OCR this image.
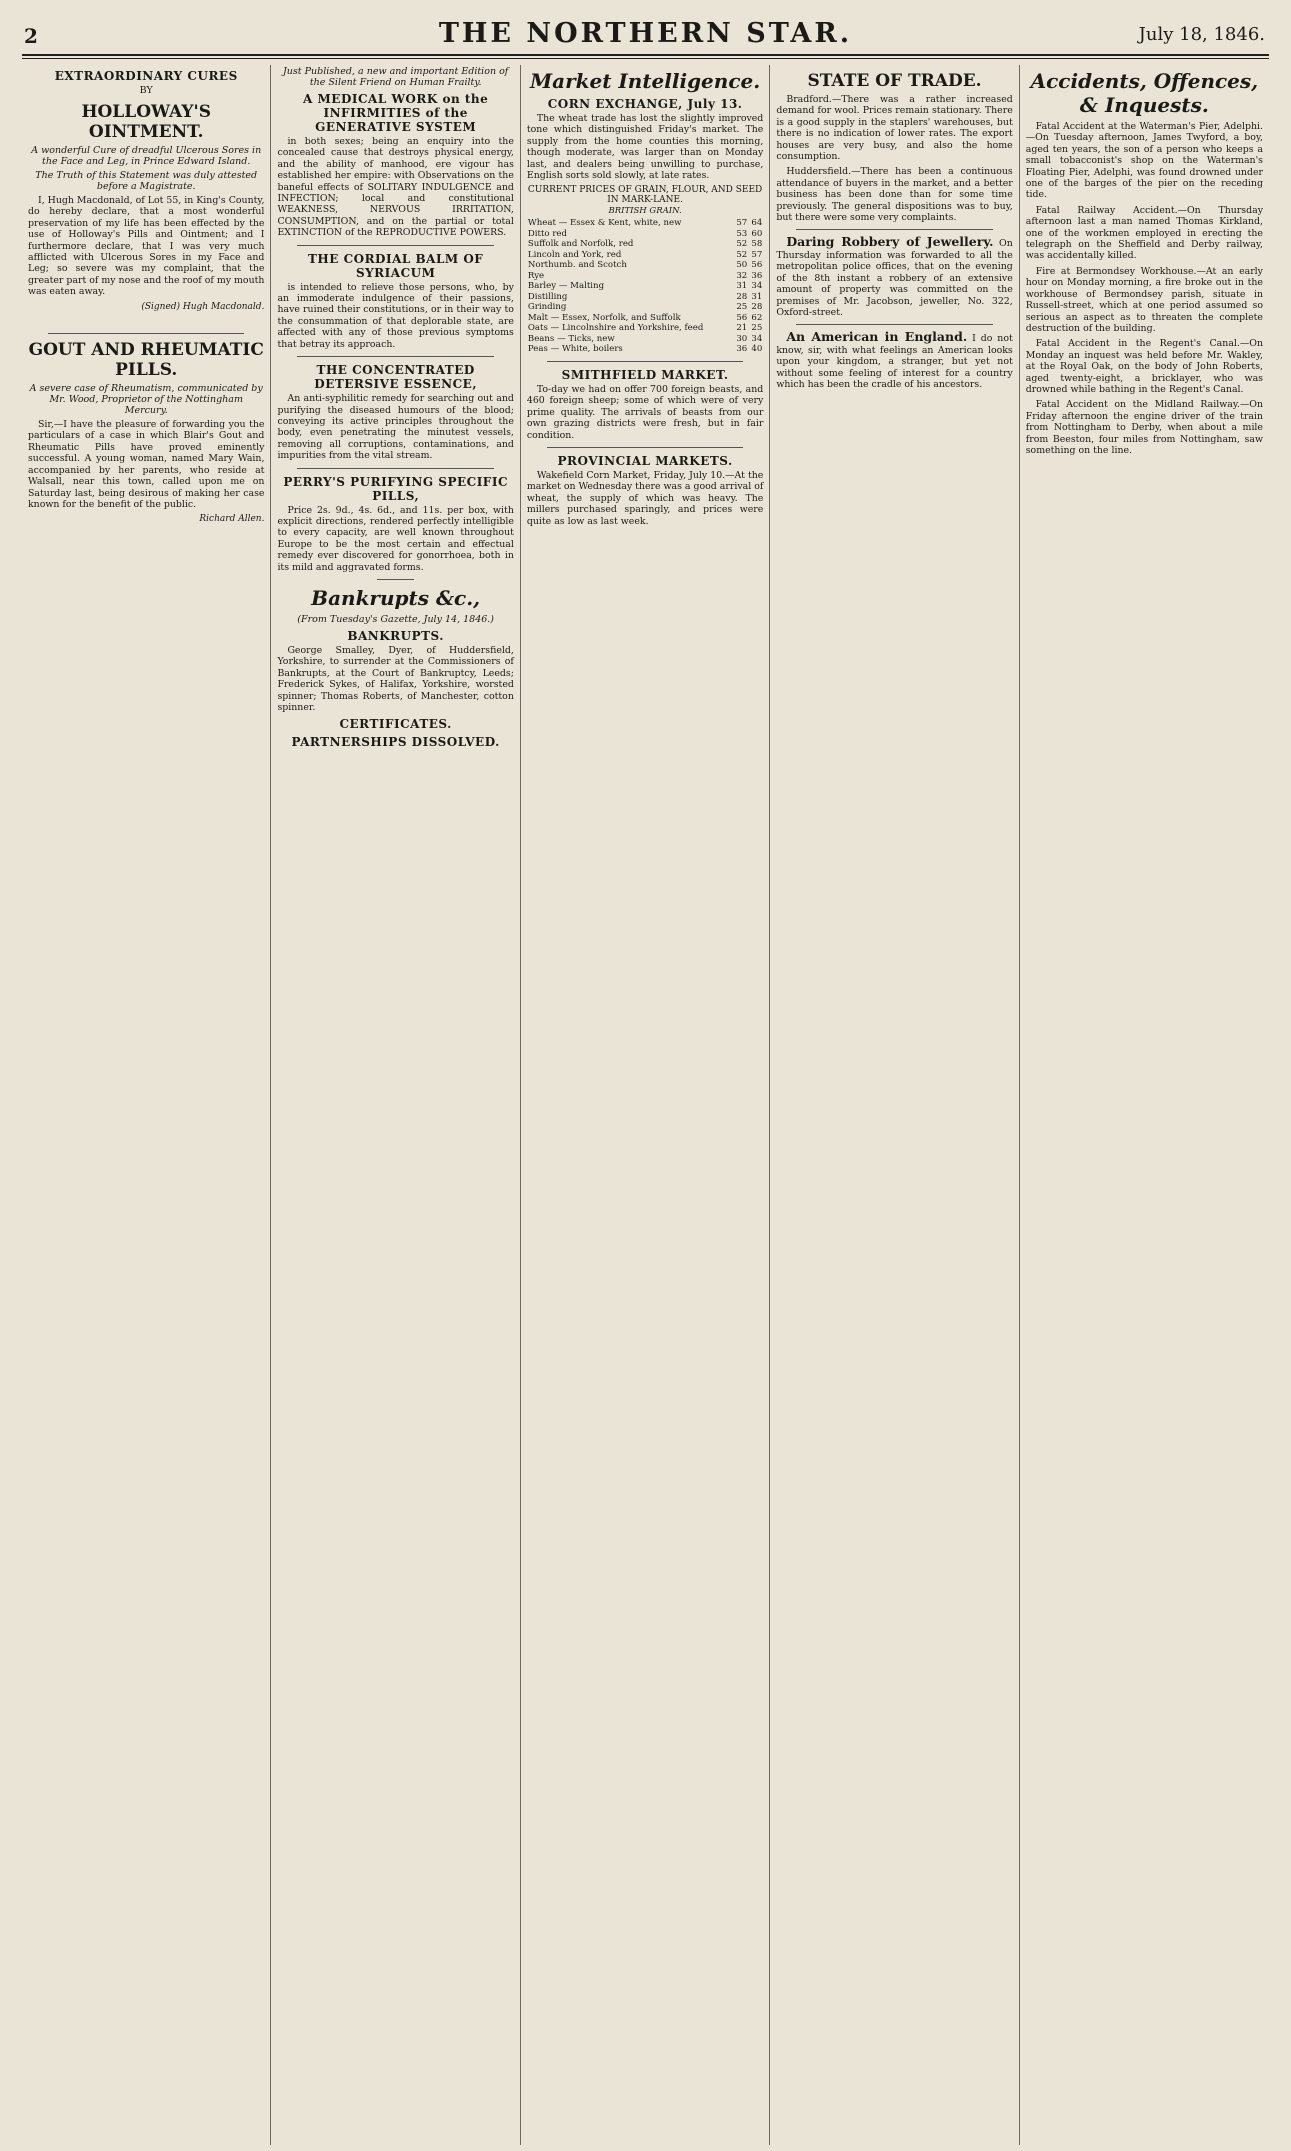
2	THE NORTHERN STAR.	July 18, 1846.
EXTRAORDINARY CURES
BY
HOLLOWAY'S OINTMENT.
A wonderful Cure of dreadful Ulcerous Sores in the Face and Leg, in Prince Edward Island.
The Truth of this Statement was duly attested before a Magistrate.

I, Hugh Macdonald, of Lot 55, in King's County, do hereby declare, that a most wonderful preservation of my life has been effected by the use of Holloway's Pills and Ointment; and I furthermore declare, that I was very much afflicted with Ulcerous Sores in my Face and Leg; so severe was my complaint, that the greater part of my nose and the roof of my mouth was eaten away.

(Signed) Hugh Macdonald.

GOUT AND RHEUMATIC PILLS.
A severe case of Rheumatism, communicated by Mr. Wood, Proprietor of the Nottingham Mercury.

Sir,—I have the pleasure of forwarding you the particulars of a case in which Blair's Gout and Rheumatic Pills have proved eminently successful. A young woman, named Mary Wain, accompanied by her parents, who reside at Walsall, near this town, called upon me on Saturday last, being desirous of making her case known for the benefit of the public.

Richard Allen.
Just Published, a new and important Edition of the Silent Friend on Human Frailty.
A MEDICAL WORK on the INFIRMITIES of the GENERATIVE SYSTEM

in both sexes; being an enquiry into the concealed cause that destroys physical energy, and the ability of manhood, ere vigour has established her empire: with Observations on the baneful effects of SOLITARY INDULGENCE and INFECTION; local and constitutional WEAKNESS, NERVOUS IRRITATION, CONSUMPTION, and on the partial or total EXTINCTION of the REPRODUCTIVE POWERS.

THE CORDIAL BALM OF SYRIACUM

is intended to relieve those persons, who, by an immoderate indulgence of their passions, have ruined their constitutions, or in their way to the consummation of that deplorable state, are affected with any of those previous symptoms that betray its approach.

THE CONCENTRATED DETERSIVE ESSENCE,

An anti-syphilitic remedy for searching out and purifying the diseased humours of the blood; conveying its active principles throughout the body, even penetrating the minutest vessels, removing all corruptions, contaminations, and impurities from the vital stream.

PERRY'S PURIFYING SPECIFIC PILLS,

Price 2s. 9d., 4s. 6d., and 11s. per box, with explicit directions, rendered perfectly intelligible to every capacity, are well known throughout Europe to be the most certain and effectual remedy ever discovered for gonorrhoea, both in its mild and aggravated forms.

Bankrupts &c.,
(From Tuesday's Gazette, July 14, 1846.)
BANKRUPTS.

George Smalley, Dyer, of Huddersfield, Yorkshire, to surrender at the Commissioners of Bankrupts, at the Court of Bankruptcy, Leeds; Frederick Sykes, of Halifax, Yorkshire, worsted spinner; Thomas Roberts, of Manchester, cotton spinner.

CERTIFICATES.
PARTNERSHIPS DISSOLVED.
Market Intelligence.
CORN EXCHANGE, July 13.

The wheat trade has lost the slightly improved tone which distinguished Friday's market. The supply from the home counties this morning, though moderate, was larger than on Monday last, and dealers being unwilling to purchase, English sorts sold slowly, at late rates.

CURRENT PRICES OF GRAIN, FLOUR, AND SEED IN MARK-LANE.
BRITISH GRAIN.
Wheat — Essex & Kent, white, new	57	64
Ditto red	53	60
Suffolk and Norfolk, red	52	58
Lincoln and York, red	52	57
Northumb. and Scotch	50	56
Rye	32	36
Barley — Malting	31	34
Distilling	28	31
Grinding	25	28
Malt — Essex, Norfolk, and Suffolk	56	62
Oats — Lincolnshire and Yorkshire, feed	21	25
Beans — Ticks, new	30	34
Peas — White, boilers	36	40
SMITHFIELD MARKET.

To-day we had on offer 700 foreign beasts, and 460 foreign sheep; some of which were of very prime quality. The arrivals of beasts from our own grazing districts were fresh, but in fair condition.

PROVINCIAL MARKETS.

Wakefield Corn Market, Friday, July 10.—At the market on Wednesday there was a good arrival of wheat, the supply of which was heavy. The millers purchased sparingly, and prices were quite as low as last week.

STATE OF TRADE.

Bradford.—There was a rather increased demand for wool. Prices remain stationary. There is a good supply in the staplers' warehouses, but there is no indication of lower rates. The export houses are very busy, and also the home consumption.

Huddersfield.—There has been a continuous attendance of buyers in the market, and a better business has been done than for some time previously. The general dispositions was to buy, but there were some very complaints.

Daring Robbery of Jewellery. On Thursday information was forwarded to all the metropolitan police offices, that on the evening of the 8th instant a robbery of an extensive amount of property was committed on the premises of Mr. Jacobson, jeweller, No. 322, Oxford-street.

An American in England. I do not know, sir, with what feelings an American looks upon your kingdom, a stranger, but yet not without some feeling of interest for a country which has been the cradle of his ancestors.

Accidents, Offences, & Inquests.

Fatal Accident at the Waterman's Pier, Adelphi.—On Tuesday afternoon, James Twyford, a boy, aged ten years, the son of a person who keeps a small tobacconist's shop on the Waterman's Floating Pier, Adelphi, was found drowned under one of the barges of the pier on the receding tide.

Fatal Railway Accident.—On Thursday afternoon last a man named Thomas Kirkland, one of the workmen employed in erecting the telegraph on the Sheffield and Derby railway, was accidentally killed.

Fire at Bermondsey Workhouse.—At an early hour on Monday morning, a fire broke out in the workhouse of Bermondsey parish, situate in Russell-street, which at one period assumed so serious an aspect as to threaten the complete destruction of the building.

Fatal Accident in the Regent's Canal.—On Monday an inquest was held before Mr. Wakley, at the Royal Oak, on the body of John Roberts, aged twenty-eight, a bricklayer, who was drowned while bathing in the Regent's Canal.

Fatal Accident on the Midland Railway.—On Friday afternoon the engine driver of the train from Nottingham to Derby, when about a mile from Beeston, four miles from Nottingham, saw something on the line.
